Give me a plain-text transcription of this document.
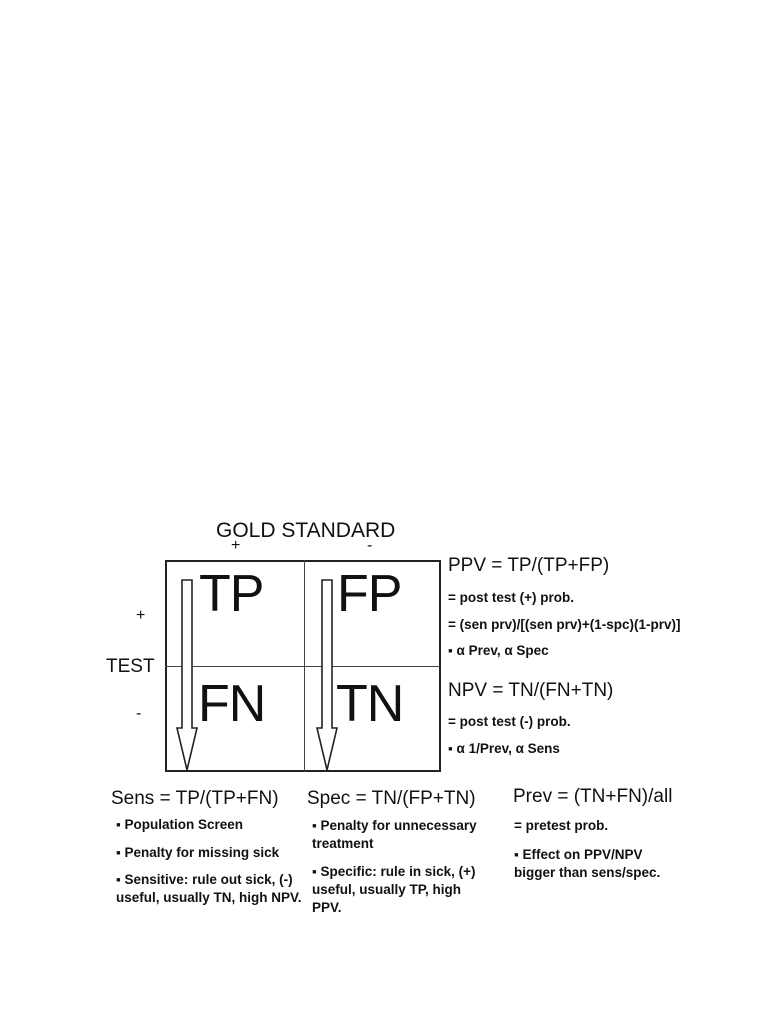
GOLD STANDARD
+	-
+
TEST
-
TP FP
FN TN
PPV = TP/(TP+FP)
= post test (+) prob.
= (sen prv)/[(sen prv)+(1-spc)(1-prv)]
▪ α Prev, α Spec
NPV = TN/(FN+TN)
= post test (-) prob.
▪ α 1/Prev, α Sens
Sens = TP/(TP+FN)
▪ Population Screen
▪ Penalty for missing sick
▪ Sensitive: rule out sick, (-) useful, usually TN, high NPV.
Spec = TN/(FP+TN)
▪ Penalty for unnecessary treatment
▪ Specific: rule in sick, (+) useful, usually TP, high PPV.
Prev = (TN+FN)/all
= pretest prob.
▪ Effect on PPV/NPV bigger than sens/spec.
